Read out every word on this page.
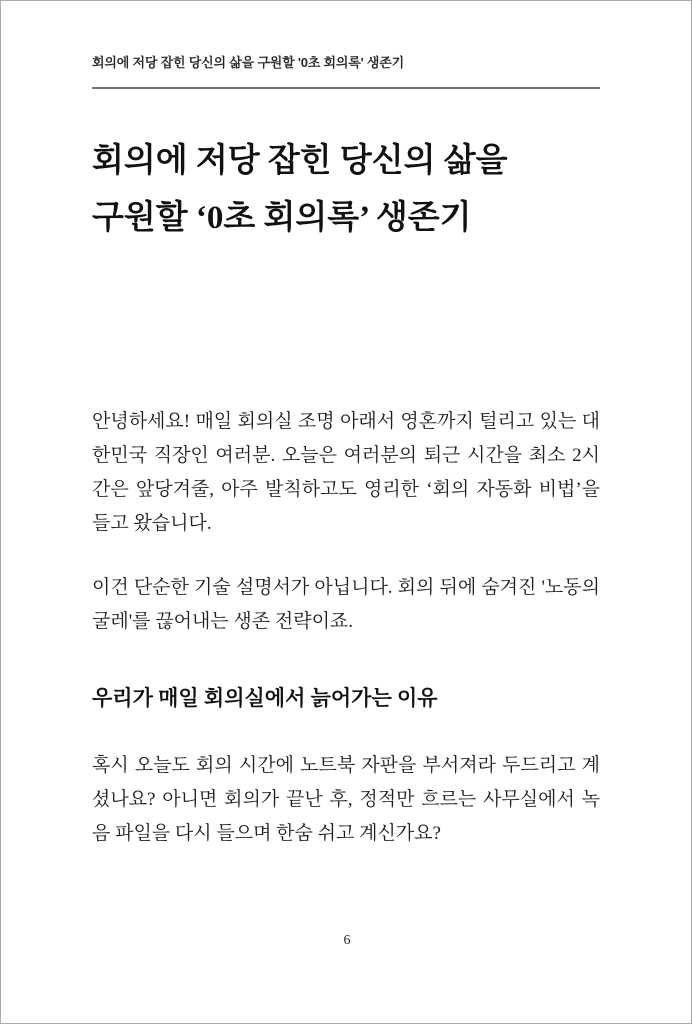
회의에 저당 잡힌 당신의 삶을 구원할 '0초 회의록' 생존기
회의에 저당 잡힌 당신의 삶을 구원할 ‘0초 회의록’ 생존기

안녕하세요! 매일 회의실 조명 아래서 영혼까지 털리고 있는 대한민국 직장인 여러분. 오늘은 여러분의 퇴근 시간을 최소 2시간은 앞당겨줄, 아주 발칙하고도 영리한 ‘회의 자동화 비법’을 들고 왔습니다.

이건 단순한 기술 설명서가 아닙니다. 회의 뒤에 숨겨진 '노동의 굴레'를 끊어내는 생존 전략이죠.

우리가 매일 회의실에서 늙어가는 이유

혹시 오늘도 회의 시간에 노트북 자판을 부서져라 두드리고 계셨나요? 아니면 회의가 끝난 후, 정적만 흐르는 사무실에서 녹음 파일을 다시 들으며 한숨 쉬고 계신가요?

6
